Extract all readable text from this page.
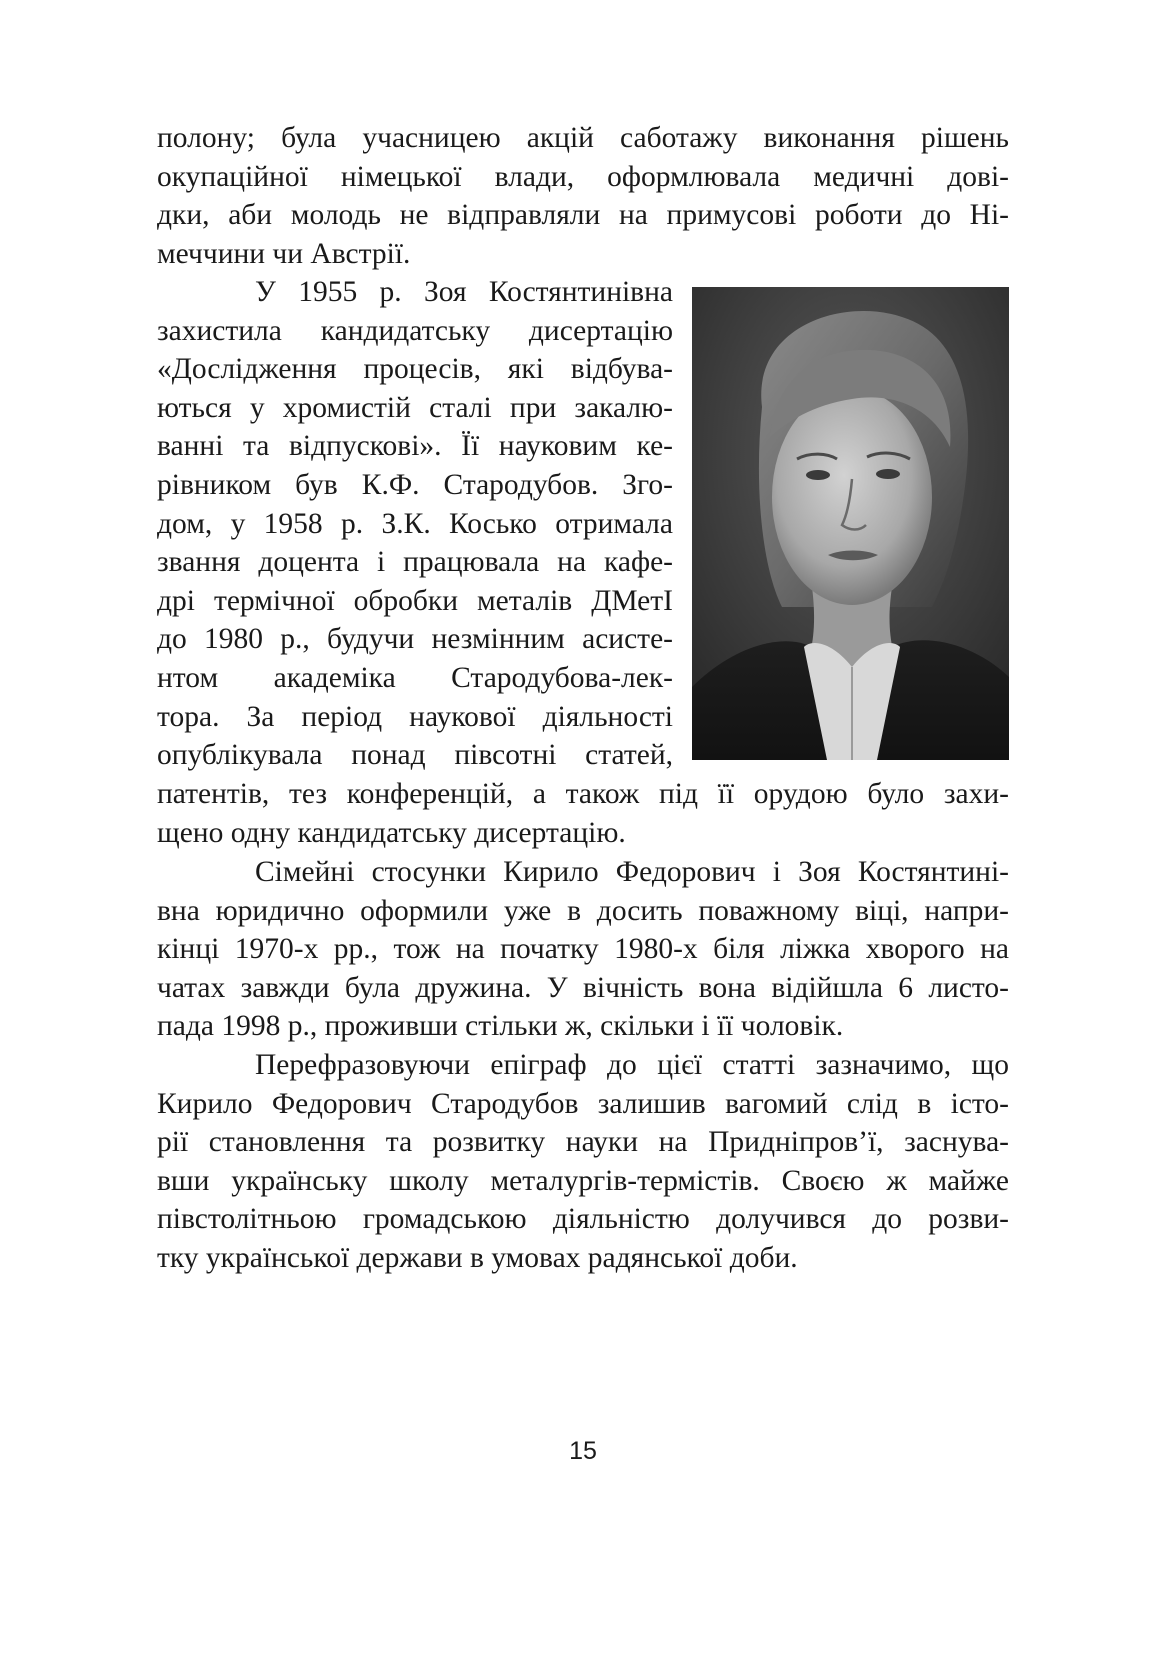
полону; була учасницею акцій саботажу виконання рішень
окупаційної німецької влади, оформлювала медичні дові-
дки, аби молодь не відправляли на примусові роботи до Ні-
меччини чи Австрії.
У 1955 р. Зоя Костянтинівна
захистила кандидатську дисертацію
«Дослідження процесів, які відбува-
ються у хромистій сталі при закалю-
ванні та відпускові». Її науковим ке-
рівником був К.Ф. Стародубов. Зго-
дом, у 1958 р. З.К. Косько отримала
звання доцента і працювала на кафе-
дрі термічної обробки металів ДМетІ
до 1980 р., будучи незмінним асисте-
нтом академіка Стародубова-лек-
тора. За період наукової діяльності
опублікувала понад півсотні статей,
патентів, тез конференцій, а також під її орудою було захи-
щено одну кандидатську дисертацію.
Сімейні стосунки Кирило Федорович і Зоя Костянтині-
вна юридично оформили уже в досить поважному віці, напри-
кінці 1970-х рр., тож на початку 1980-х біля ліжка хворого на
чатах завжди була дружина. У вічність вона відійшла 6 листо-
пада 1998 р., проживши стільки ж, скільки і її чоловік.
Перефразовуючи епіграф до цієї статті зазначимо, що
Кирило Федорович Стародубов залишив вагомий слід в істо-
рії становлення та розвитку науки на Придніпров’ї, заснува-
вши українську школу металургів-термістів. Своєю ж майже
півстолітньою громадською діяльністю долучився до розви-
тку української держави в умовах радянської доби.
15
